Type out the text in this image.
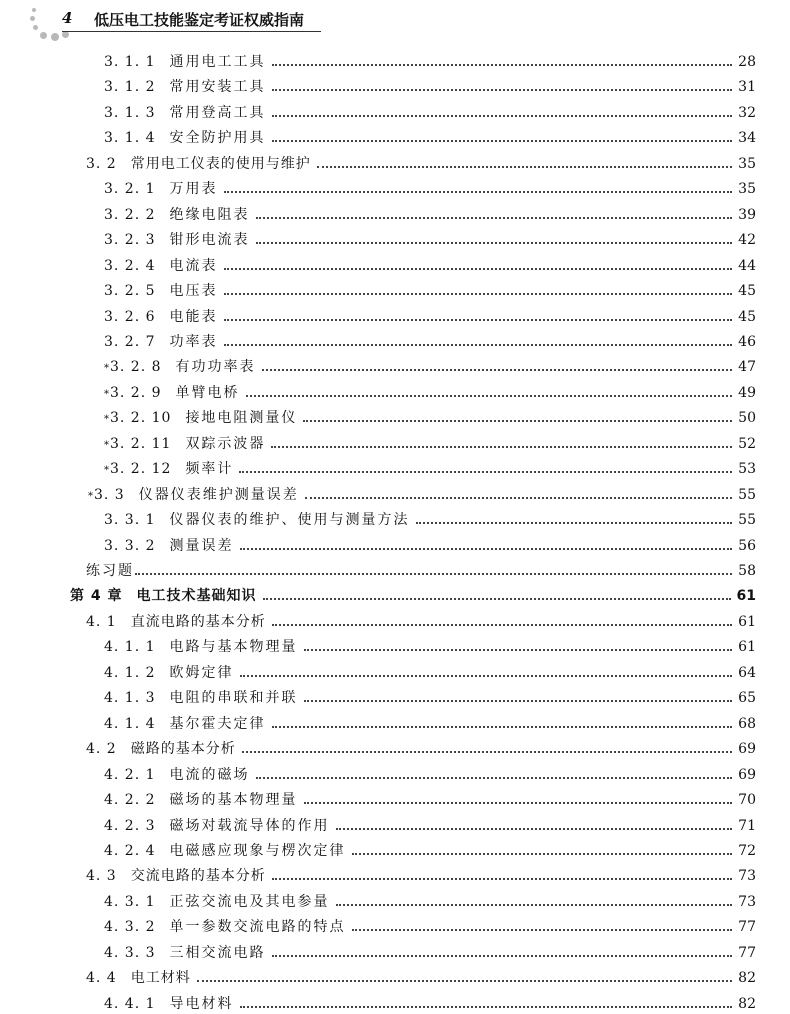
4 低压电工技能鉴定考证权威指南
3. 1. 1 通用电工工具	28
3. 1. 2 常用安装工具	31
3. 1. 3 常用登高工具	32
3. 1. 4 安全防护用具	34
3. 2 常用电工仪表的使用与维护	35
3. 2. 1 万用表	35
3. 2. 2 绝缘电阻表	39
3. 2. 3 钳形电流表	42
3. 2. 4 电流表	44
3. 2. 5 电压表	45
3. 2. 6 电能表	45
3. 2. 7 功率表	46
* 3. 2. 8 有功功率表	47
* 3. 2. 9 单臂电桥	49
* 3. 2. 10 接地电阻测量仪	50
* 3. 2. 11 双踪示波器	52
* 3. 2. 12 频率计	53
* 3. 3 仪器仪表维护测量误差	55
3. 3. 1 仪器仪表的维护、使用与测量方法	55
3. 3. 2 测量误差	56
练习题	58
第 4 章 电工技术基础知识	61
4. 1 直流电路的基本分析	61
4. 1. 1 电路与基本物理量	61
4. 1. 2 欧姆定律	64
4. 1. 3 电阻的串联和并联	65
4. 1. 4 基尔霍夫定律	68
4. 2 磁路的基本分析	69
4. 2. 1 电流的磁场	69
4. 2. 2 磁场的基本物理量	70
4. 2. 3 磁场对载流导体的作用	71
4. 2. 4 电磁感应现象与楞次定律	72
4. 3 交流电路的基本分析	73
4. 3. 1 正弦交流电及其电参量	73
4. 3. 2 单一参数交流电路的特点	77
4. 3. 3 三相交流电路	77
4. 4 电工材料	82
4. 4. 1 导电材料	82
